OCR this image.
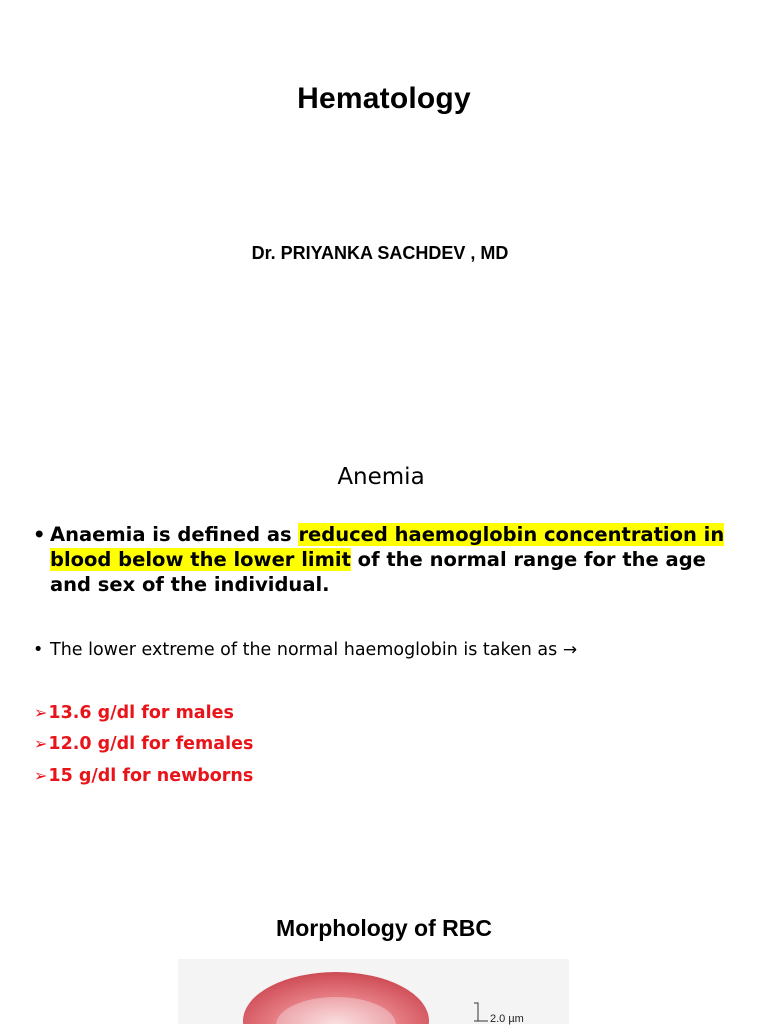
Hematology
Dr. PRIYANKA SACHDEV , MD
Anemia
• Anaemia is defined as reduced haemoglobin concentration in blood below the lower limit of the normal range for the age and sex of the individual.
• The lower extreme of the normal haemoglobin is taken as →
➢13.6 g/dl for males
➢12.0 g/dl for females
➢15 g/dl for newborns
Morphology of RBC
2.0 µm
